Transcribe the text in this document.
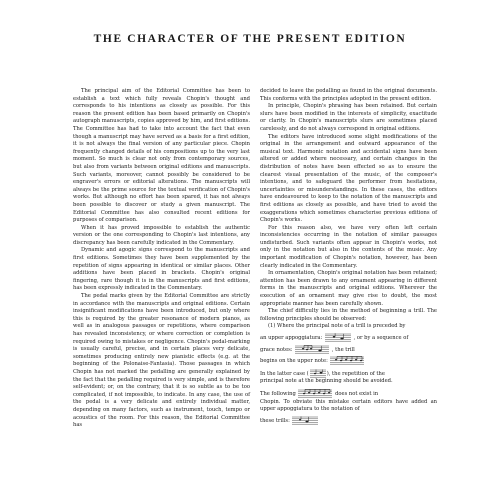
THE CHARACTER OF THE PRESENT EDITION

The principal aim of the Editorial Committee has been to establish a text which fully reveals Chopin's thought and corresponds to his intentions as closely as possible. For this reason the present edition has been based primarily on Chopin's autograph manuscripts, copies approved by him, and first editions. The Committee has had to take into account the fact that even though a manuscript may have served as a basis for a first edition, it is not always the final version of any particular piece. Chopin frequently changed details of his compositions up to the very last moment. So much is clear not only from contemporary sources, but also from variants between original editions and manuscripts. Such variants, moreover, cannot possibly be considered to be engraver's errors or editorial alterations. The manuscripts will always be the prime source for the textual verification of Chopin's works. But although no effort has been spared, it has not always been possible to discover or study a given manuscript. The Editorial Committee has also consulted recent editions for purposes of comparison.

When it has proved impossible to establish the authentic version or the one corresponding to Chopin's last intentions, any discrepancy has been carefully indicated in the Commentary.

Dynamic and agogic signs correspond to the manuscripts and first editions. Sometimes they have been supplemented by the repetition of signs appearing in identical or similar places. Other additions have been placed in brackets. Chopin's original fingering, rare though it is in the manuscripts and first editions, has been expressly indicated in the Commentary.

The pedal marks given by the Editorial Committee are strictly in accordance with the manuscripts and original editions. Certain insignificant modifications have been introduced, but only where this is required by the greater resonance of modern pianos, as well as in analogous passages or repetitions, where comparison has revealed inconsistency, or where correction or completion is required owing to mistakes or negligence. Chopin's pedal-marking is usually careful, precise, and in certain places very delicate, sometimes producing entirely new pianistic effects (e.g. at the beginning of the Polonaise-Fantasia). Those passages in which Chopin has not marked the pedalling are generally explained by the fact that the pedalling required is very simple, and is therefore self-evident; or, on the contrary, that it is so subtle as to be too complicated, if not impossible, to indicate. In any case, the use of the pedal is a very delicate and entirely individual matter, depending on many factors, such as instrument, touch, tempo or acoustics of the room. For this reason, the Editorial Committee has

decided to leave the pedalling as found in the original documents. This conforms with the principles adopted in the present edition.

In principle, Chopin's phrasing has been retained. But certain slurs have been modified in the interests of simplicity, exactitude or clarity. In Chopin's manuscripts slurs are sometimes placed carelessly, and do not always correspond in original editions.

The editors have introduced some slight modifications of the original in the arrangement and outward appearance of the musical text. Harmonic notation and accidental signs have been altered or added where necessary, and certain changes in the distribution of notes have been effected so as to ensure the clearest visual presentation of the music, of the composer's intentions, and to safeguard the performer from hesitations, uncertainties or misunderstandings. In these cases, the editors have endeavoured to keep to the notation of the manuscripts and first editions as closely as possible, and have tried to avoid the exaggerations which sometimes characterise previous editions of Chopin's works.

For this reason also, we have very often left certain inconsistencies occurring in the notation of similar passages undisturbed. Such variants often appear in Chopin's works, not only in the notation but also in the contents of the music. Any important modification of Chopin's notation, however, has been clearly indicated in the Commentary.

In ornamentation, Chopin's original notation has been retained; attention has been drawn to any ornament appearing in different forms in the manuscripts and original editions. Wherever the execution of an ornament may give rise to doubt, the most appropriate manner has been carefully shown.

The chief difficulty lies in the method of beginning a trill. The following principles should be observed:

(1) Where the principal note of a trill is preceded by

an upper appoggiatura:	, or by a sequence of

grace notes:	, the trill

begins on the upper note:

In the latter case (	), the repetition of the

principal note at the beginning should be avoided.

The following	does not exist in

Chopin. To obviate this mistake certain editors have added an upper appoggiatura to the notation of

these trills:
